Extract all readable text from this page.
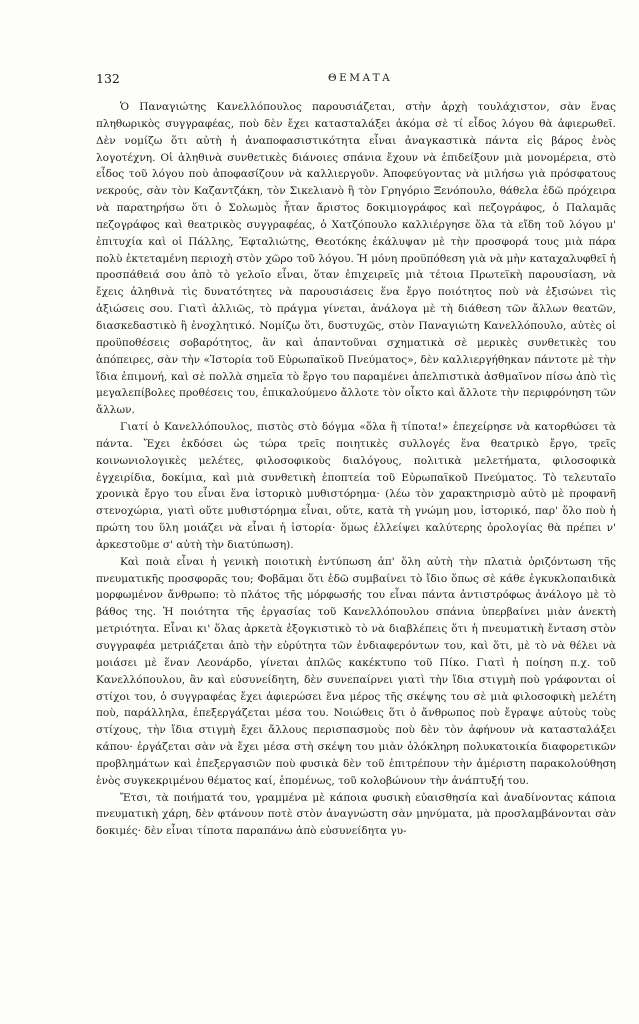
132	ΘΕΜΑΤΑ

Ὁ Παναγιώτης Κανελλόπουλος παρουσιάζεται, στὴν ἀρχὴ τουλάχιστον, σὰν ἕνας πληθωρικὸς συγγραφέας, ποὺ δὲν ἔχει κατασταλάξει ἀκόμα σὲ τί εἶδος λόγου θὰ ἀφιερωθεῖ. Δὲν νομίζω ὅτι αὐτὴ ἡ ἀναποφασιστικότητα εἶναι ἀναγκαστικὰ πάντα εἰς βάρος ἑνὸς λογοτέχνη. Οἱ ἀληθινὰ συνθετικὲς διάνοιες σπάνια ἔχουν νὰ ἐπιδείξουν μιὰ μονομέρεια, στὸ εἶδος τοῦ λόγου ποὺ ἀποφασίζουν νὰ καλλιεργοῦν. Ἀποφεύγοντας νὰ μιλήσω γιὰ πρόσφατους νεκρούς, σὰν τὸν Καζαντζάκη, τὸν Σικελιανὸ ἢ τὸν Γρηγόριο Ξενόπουλο, θάθελα ἐδῶ πρόχειρα νὰ παρατηρήσω ὅτι ὁ Σολωμὸς ἦταν ἄριστος δοκιμιογράφος καὶ πεζογράφος, ὁ Παλαμᾶς πεζογράφος καὶ θεατρικὸς συγγραφέας, ὁ Χατζόπουλο καλλιέργησε ὅλα τὰ εἴδη τοῦ λόγου μ' ἐπιτυχία καὶ οἱ Πάλλης, Ἐφταλιώτης, Θεοτόκης ἐκάλυψαν μὲ τὴν προσφορά τους μιὰ πάρα πολὺ ἐκτεταμένη περιοχὴ στὸν χῶρο τοῦ λόγου. Ἡ μόνη προϋπόθεση γιὰ νὰ μὴν καταχαλυφθεῖ ἡ προσπάθειά σου ἀπὸ τὸ γελοῖο εἶναι, ὅταν ἐπιχειρεῖς μιὰ τέτοια Πρωτεϊκὴ παρουσίαση, νὰ ἔχεις ἀληθινὰ τὶς δυνατότητες νὰ παρουσιάσεις ἕνα ἔργο ποιότητος ποὺ νὰ ἐξισώνει τὶς ἀξιώσεις σου. Γιατὶ ἀλλιῶς, τὸ πράγμα γίνεται, ἀνάλογα μὲ τὴ διάθεση τῶν ἄλλων θεατῶν, διασκεδαστικὸ ἢ ἐνοχλητικό. Νομίζω ὅτι, δυστυχῶς, στὸν Παναγιώτη Κανελλόπουλο, αὐτὲς οἱ προϋποθέσεις σοβαρότητος, ἂν καὶ ἀπαντοῦναι σχηματικὰ σὲ μερικὲς συνθετικὲς του ἀπόπειρες, σὰν τὴν «Ἱστορία τοῦ Εὐρωπαϊκοῦ Πνεύματος», δὲν καλλιεργήθηκαν πάντοτε μὲ τὴν ἴδια ἐπιμονή, καὶ σὲ πολλὰ σημεῖα τὸ ἔργο του παραμένει ἀπελπιστικὰ ἀσθμαῖνον πίσω ἀπὸ τὶς μεγαλεπίβολες προθέσεις του, ἐπικαλούμενο ἄλλοτε τὸν οἶκτο καὶ ἄλλοτε τὴν περιφρόνηση τῶν ἄλλων.

Γιατί ὁ Κανελλόπουλος, πιστὸς στὸ δόγμα «ὅλα ἢ τίποτα!» ἐπεχείρησε νὰ κατορθώσει τὰ πάντα. Ἔχει ἐκδόσει ὡς τώρα τρεῖς ποιητικὲς συλλογές ἕνα θεατρικὸ ἔργο, τρεῖς κοινωνιολογικὲς μελέτες, φιλοσοφικοὺς διαλόγους, πολιτικὰ μελετήματα, φιλοσοφικὰ ἐγχειρίδια, δοκίμια, καὶ μιὰ συνθετικὴ ἐποπτεία τοῦ Εὐρωπαϊκοῦ Πνεύματος. Τὸ τελευταῖο χρονικὰ ἔργο του εἶναι ἕνα ἱστορικὸ μυθιστόρημα· (λέω τὸν χαρακτηρισμὸ αὐτὸ μὲ προφανῆ στενοχώρια, γιατὶ οὔτε μυθιστόρημα εἶναι, οὔτε, κατὰ τὴ γνώμη μου, ἱστορικό, παρ' ὅλο ποὺ ἡ πρώτη του ὕλη μοιάζει νὰ εἶναι ἡ ἱστορία· ὅμως ἐλλείψει καλύτερης ὁρολογίας θὰ πρέπει ν' ἀρκεστοῦμε σ' αὐτὴ τὴν διατύπωση).

Καὶ ποιὰ εἶναι ἡ γενικὴ ποιοτικὴ ἐντύπωση ἀπ' ὅλη αὐτὴ τὴν πλατιὰ ὁριζόντωση τῆς πνευματικῆς προσφορᾶς του; Φοβᾶμαι ὅτι ἐδῶ συμβαίνει τὸ ἴδιο ὅπως σὲ κάθε ἐγκυκλοπαιδικὰ μορφωμένον ἄνθρωπο: τὸ πλάτος τῆς μόρφωσής του εἶναι πάντα ἀντιστρόφως ἀνάλογο μὲ τὸ βάθος της. Ἡ ποιότητα τῆς ἐργασίας τοῦ Κανελλόπουλου σπάνια ὑπερβαίνει μιὰν ἀνεκτὴ μετριότητα. Εἶναι κι' ὅλας ἀρκετὰ ἐξογκιστικὸ τὸ νὰ διαβλέπεις ὅτι ἡ πνευματικὴ ἔνταση στὸν συγγραφέα μετριάζεται ἀπὸ τὴν εὐρύτητα τῶν ἐνδιαφερόντων του, καὶ ὅτι, μὲ τὸ νὰ θέλει νὰ μοιάσει μὲ ἕναν Λεονάρδο, γίνεται ἁπλῶς κακέκτυπο τοῦ Πίκο. Γιατὶ ἡ ποίηση π.χ. τοῦ Κανελλόπουλου, ἂν καὶ εὐσυνείδητη, δὲν συνεπαίρνει γιατὶ τὴν ἴδια στιγμὴ ποὺ γράφονται οἱ στίχοι του, ὁ συγγραφέας ἔχει ἀφιερώσει ἕνα μέρος τῆς σκέψης του σὲ μιὰ φιλοσοφικὴ μελέτη ποὺ, παράλληλα, ἐπεξεργάζεται μέσα του. Νοιώθεις ὅτι ὁ ἄνθρωπος ποὺ ἔγραψε αὐτοὺς τοὺς στίχους, τὴν ἴδια στιγμὴ ἔχει ἄλλους περισπασμοὺς ποὺ δὲν τὸν ἀφήνουν νὰ κατασταλάξει κάπου· ἐργάζεται σὰν νὰ ἔχει μέσα στὴ σκέψη του μιὰν ὁλόκληρη πολυκατοικία διαφορετικῶν προβλημάτων καὶ ἐπεξεργασιῶν ποὺ φυσικὰ δὲν τοῦ ἐπιτρέπουν τὴν ἀμέριστη παρακολούθηση ἑνὸς συγκεκριμένου θέματος καί, ἑπομένως, τοῦ κολοβώνουν τὴν ἀνάπτυξή του.

Ἔτσι, τὰ ποιήματά του, γραμμένα μὲ κάποια φυσικὴ εὐαισθησία καὶ ἀναδίνοντας κάποια πνευματικὴ χάρη, δὲν φτάνουν ποτὲ στὸν ἀναγνώστη σὰν μηνύματα, μὰ προσλαμβάνονται σὰν δοκιμές· δὲν εἶναι τίποτα παραπάνω ἀπὸ εὐσυνείδητα γυ-
